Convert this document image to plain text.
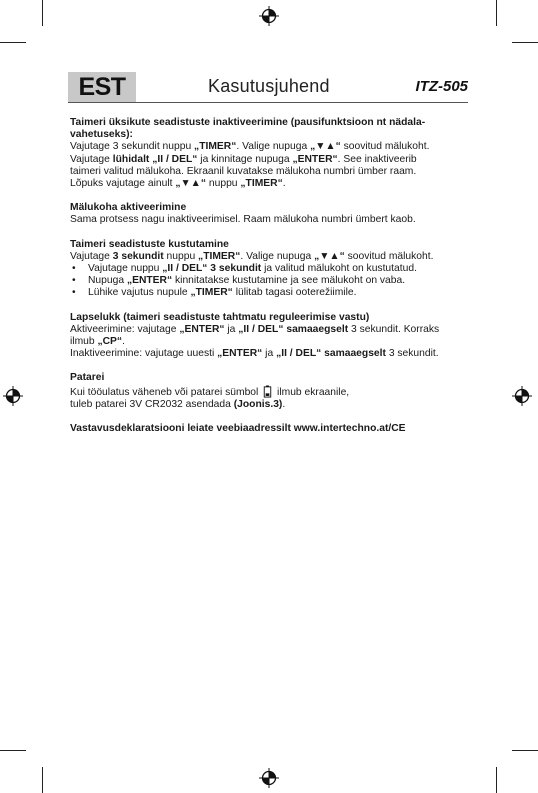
EST	Kasutusjuhend	ITZ-505

Taimeri üksikute seadistuste inaktiveerimine (pausifunktsioon nt nädala-vahetuseks):

Vajutage 3 sekundit nuppu „TIMER“. Valige nupuga „▼▲“ soovitud mälukoht.

Vajutage lühidalt „II / DEL“ ja kinnitage nupuga „ENTER“. See inaktiveerib

taimeri valitud mälukoha. Ekraanil kuvatakse mälukoha numbri ümber raam.

Lõpuks vajutage ainult „▼▲“ nuppu „TIMER“.

Mälukoha aktiveerimine

Sama protsess nagu inaktiveerimisel. Raam mälukoha numbri ümbert kaob.

Taimeri seadistuste kustutamine

Vajutage 3 sekundit nuppu „TIMER“. Valige nupuga „▼▲“ soovitud mälukoht.

• Vajutage nuppu „II / DEL“ 3 sekundit ja valitud mälukoht on kustutatud.
• Nupuga „ENTER“ kinnitatakse kustutamine ja see mälukoht on vaba.
• Lühike vajutus nupule „TIMER“ lülitab tagasi ooterežiimile.

Lapselukk (taimeri seadistuste tahtmatu reguleerimise vastu)

Aktiveerimine: vajutage „ENTER“ ja „II / DEL“ samaaegselt 3 sekundit. Korraks

ilmub „CP“.

Inaktiveerimine: vajutage uuesti „ENTER“ ja „II / DEL“ samaaegselt 3 sekundit.

Patarei

Kui tööulatus väheneb või patarei sümbol  ilmub ekraanile,

tuleb patarei 3V CR2032 asendada (Joonis.3).

Vastavusdeklaratsiooni leiate veebiaadressilt www.intertechno.at/CE
